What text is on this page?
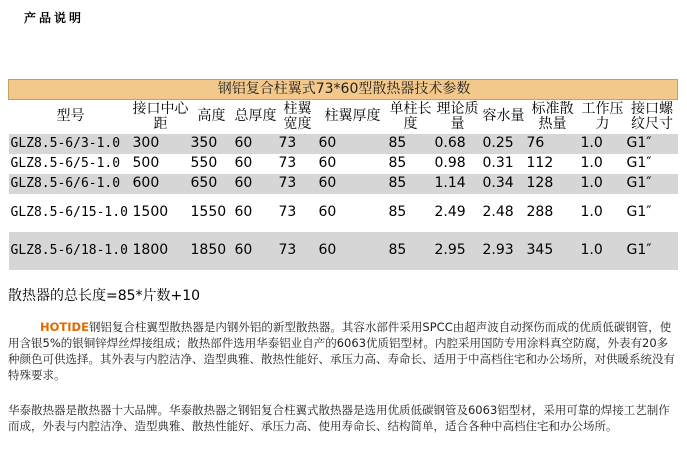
产品说明
钢铝复合柱翼式73*60型散热器技术参数											
型号	接口中心距	高度	总厚度	柱翼宽度	柱翼厚度	单柱长度	理论质量	容水量	标准散热量	工作压力	接口螺纹尺寸
GLZ8.5-6/3-1.0	300	350	60	73	60	85	0.68	0.25	76	1.0	G1″
GLZ8.5-6/5-1.0	500	550	60	73	60	85	0.98	0.31	112	1.0	G1″
GLZ8.5-6/6-1.0	600	650	60	73	60	85	1.14	0.34	128	1.0	G1″
GLZ8.5-6/15-1.0	1500	1550	60	73	60	85	2.49	2.48	288	1.0	G1″
GLZ8.5-6/18-1.0	1800	1850	60	73	60	85	2.95	2.93	345	1.0	G1″
散热器的总长度=85*片数+10

HOTIDE钢铝复合柱翼型散热器是内钢外铝的新型散热器。其容水部件采用SPCC由超声波自动探伤而成的优质低碳钢管，使用含银5%的银铜锌焊丝焊接组成；散热部件选用华泰铝业自产的6063优质铝型材。内腔采用国防专用涂料真空防腐，外表有20多种颜色可供选择。其外表与内腔洁净、造型典雅、散热性能好、承压力高、寿命长、适用于中高档住宅和办公场所，对供暖系统没有特殊要求。

华泰散热器是散热器十大品牌。华泰散热器之钢铝复合柱翼式散热器是选用优质低碳钢管及6063铝型材，采用可靠的焊接工艺制作而成，外表与内腔洁净、造型典雅、散热性能好、承压力高、使用寿命长、结构简单，适合各种中高档住宅和办公场所。
